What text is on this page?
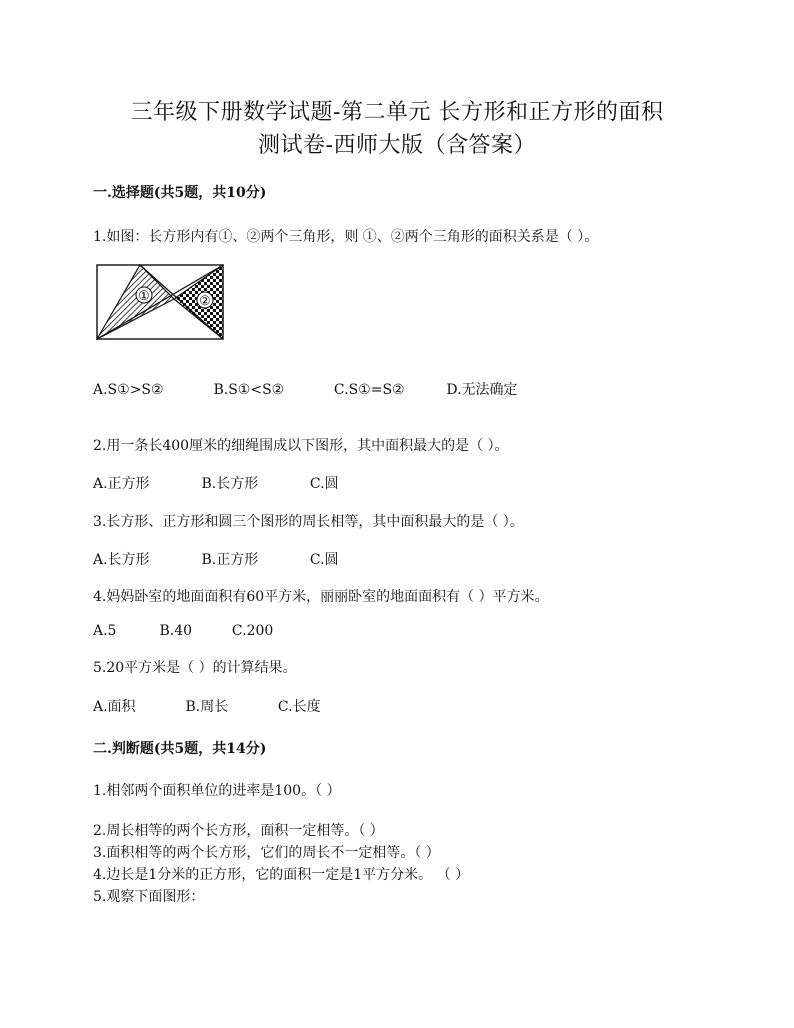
三年级下册数学试题-第二单元 长方形和正方形的面积
测试卷-西师大版（含答案）
一.选择题(共5题，共10分)
1.如图：长方形内有①、②两个三角形，则 ①、②两个三角形的面积关系是（ ）。
①	②
A.S①>S②	B.S①<S②	C.S①=S②	D.无法确定
2.用一条长400厘米的细绳围成以下图形，其中面积最大的是（ ）。
A.正方形	B.长方形	C.圆
3.长方形、正方形和圆三个图形的周长相等，其中面积最大的是（ ）。
A.长方形	B.正方形	C.圆
4.妈妈卧室的地面面积有60平方米，丽丽卧室的地面面积有（ ）平方米。
A.5	B.40	C.200
5.20平方米是（ ）的计算结果。
A.面积	B.周长	C.长度
二.判断题(共5题，共14分)
1.相邻两个面积单位的进率是100。（ ）
2.周长相等的两个长方形，面积一定相等。（ ）
3.面积相等的两个长方形，它们的周长不一定相等。（ ）
4.边长是1分米的正方形，它的面积一定是1平方分米。 （ ）
5.观察下面图形：
